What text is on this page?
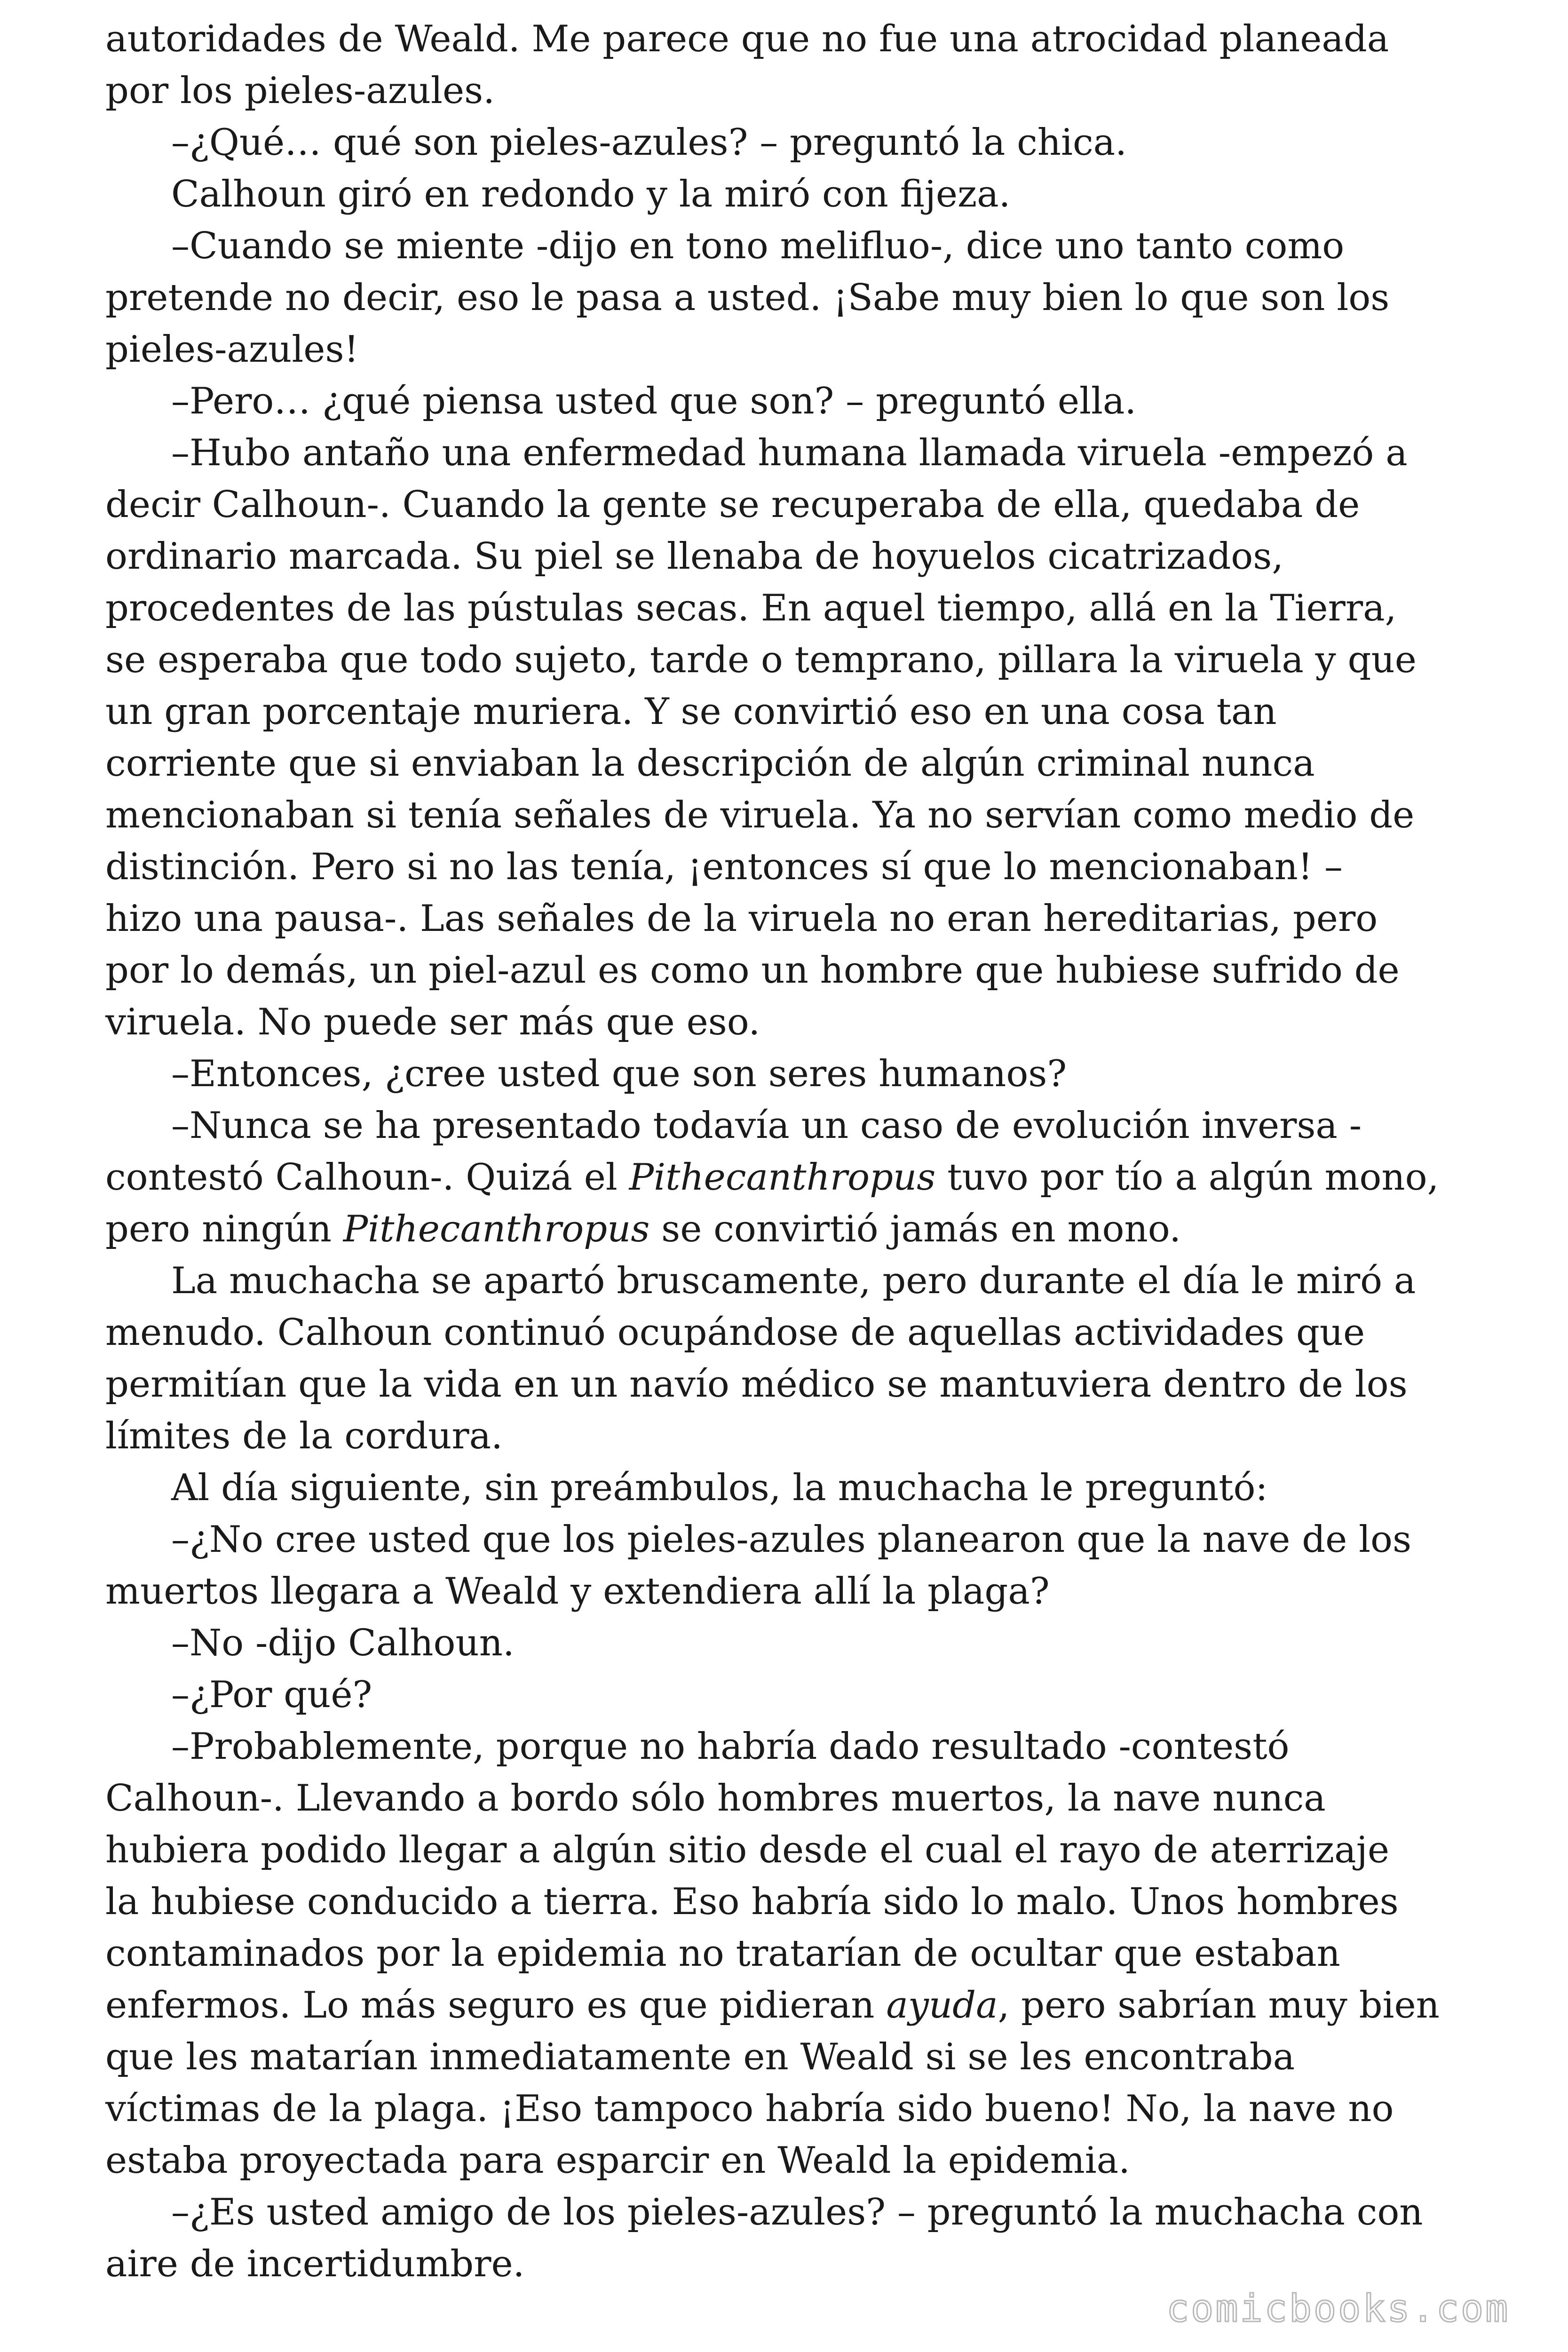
autoridades de Weald. Me parece que no fue una atrocidad planeada
por los pieles-azules.
–¿Qué… qué son pieles-azules? – preguntó la chica.
Calhoun giró en redondo y la miró con fijeza.
–Cuando se miente -dijo en tono melifluo-, dice uno tanto como
pretende no decir, eso le pasa a usted. ¡Sabe muy bien lo que son los
pieles-azules!
–Pero… ¿qué piensa usted que son? – preguntó ella.
–Hubo antaño una enfermedad humana llamada viruela -empezó a
decir Calhoun-. Cuando la gente se recuperaba de ella, quedaba de
ordinario marcada. Su piel se llenaba de hoyuelos cicatrizados,
procedentes de las pústulas secas. En aquel tiempo, allá en la Tierra,
se esperaba que todo sujeto, tarde o temprano, pillara la viruela y que
un gran porcentaje muriera. Y se convirtió eso en una cosa tan
corriente que si enviaban la descripción de algún criminal nunca
mencionaban si tenía señales de viruela. Ya no servían como medio de
distinción. Pero si no las tenía, ¡entonces sí que lo mencionaban! –
hizo una pausa-. Las señales de la viruela no eran hereditarias, pero
por lo demás, un piel-azul es como un hombre que hubiese sufrido de
viruela. No puede ser más que eso.
–Entonces, ¿cree usted que son seres humanos?
–Nunca se ha presentado todavía un caso de evolución inversa -
contestó Calhoun-. Quizá el Pithecanthropus tuvo por tío a algún mono,
pero ningún Pithecanthropus se convirtió jamás en mono.
La muchacha se apartó bruscamente, pero durante el día le miró a
menudo. Calhoun continuó ocupándose de aquellas actividades que
permitían que la vida en un navío médico se mantuviera dentro de los
límites de la cordura.
Al día siguiente, sin preámbulos, la muchacha le preguntó:
–¿No cree usted que los pieles-azules planearon que la nave de los
muertos llegara a Weald y extendiera allí la plaga?
–No -dijo Calhoun.
–¿Por qué?
–Probablemente, porque no habría dado resultado -contestó
Calhoun-. Llevando a bordo sólo hombres muertos, la nave nunca
hubiera podido llegar a algún sitio desde el cual el rayo de aterrizaje
la hubiese conducido a tierra. Eso habría sido lo malo. Unos hombres
contaminados por la epidemia no tratarían de ocultar que estaban
enfermos. Lo más seguro es que pidieran ayuda, pero sabrían muy bien
que les matarían inmediatamente en Weald si se les encontraba
víctimas de la plaga. ¡Eso tampoco habría sido bueno! No, la nave no
estaba proyectada para esparcir en Weald la epidemia.
–¿Es usted amigo de los pieles-azules? – preguntó la muchacha con
aire de incertidumbre.
comicbooks.com
